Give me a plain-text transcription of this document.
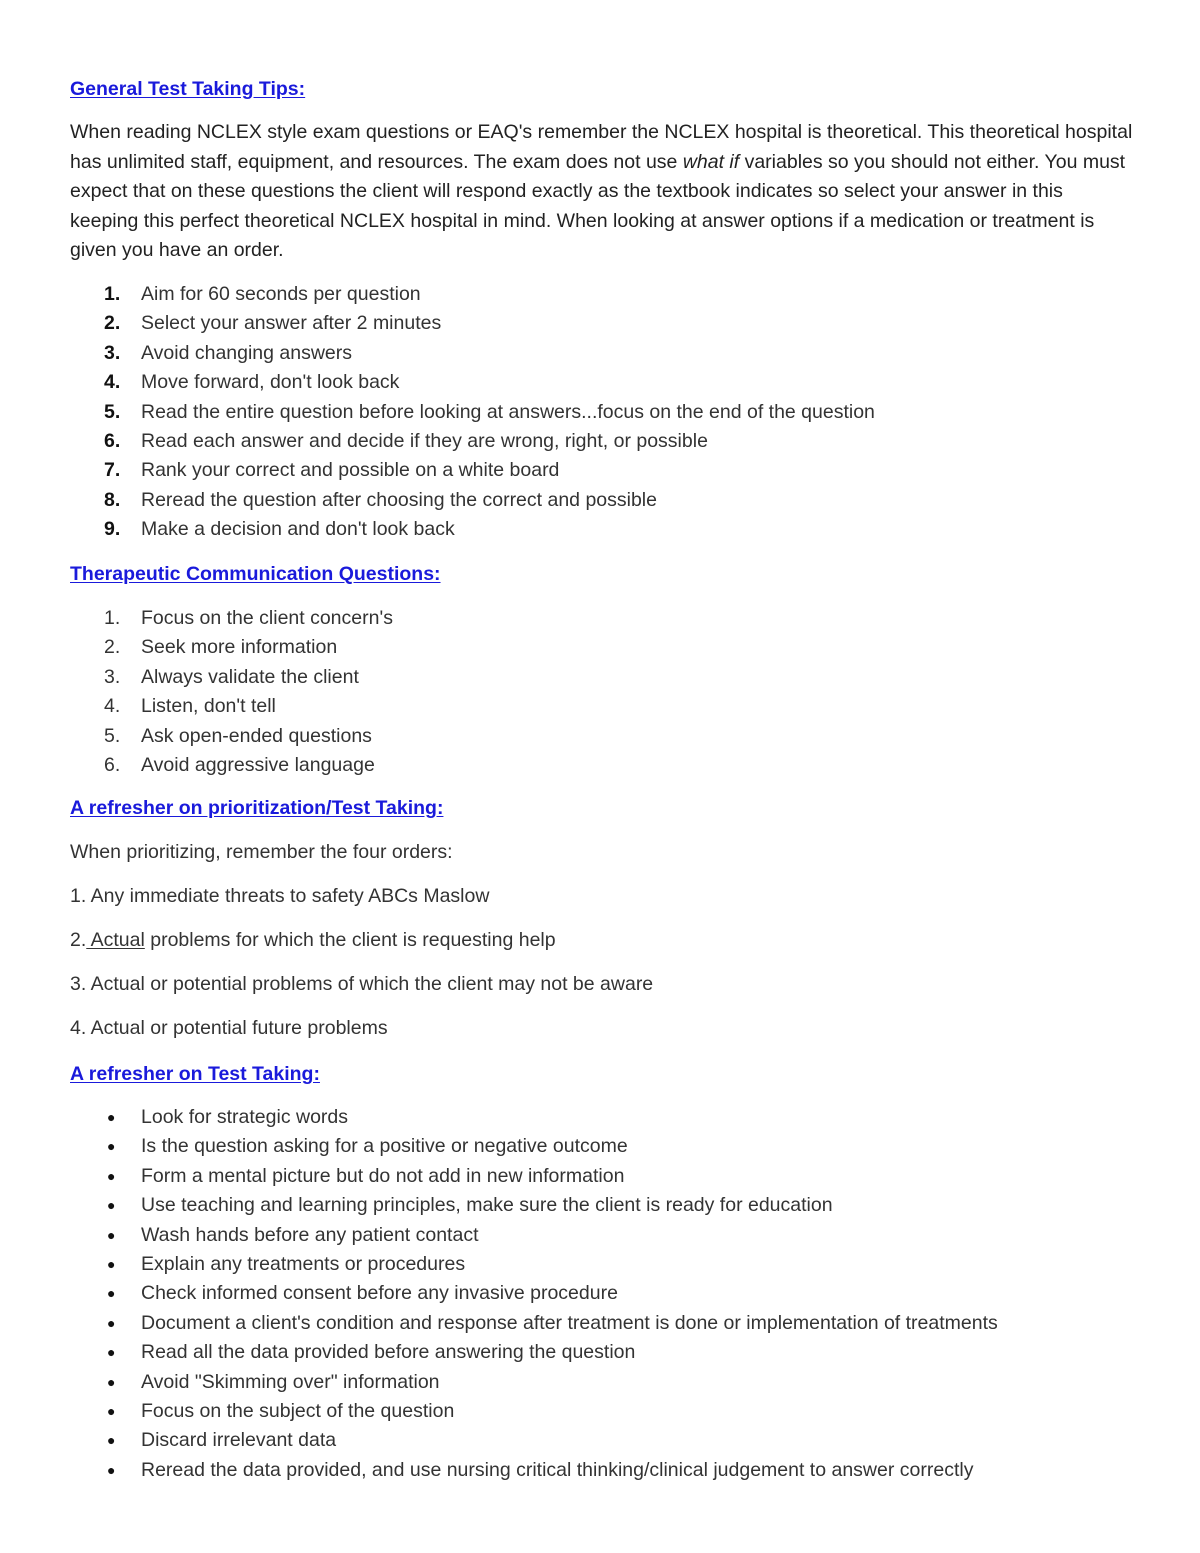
General Test Taking Tips:
When reading NCLEX style exam questions or EAQ's remember the NCLEX hospital is theoretical. This theoretical hospital has unlimited staff, equipment, and resources. The exam does not use what if variables so you should not either. You must expect that on these questions the client will respond exactly as the textbook indicates so select your answer in this keeping this perfect theoretical NCLEX hospital in mind. When looking at answer options if a medication or treatment is given you have an order.
1. Aim for 60 seconds per question
2. Select your answer after 2 minutes
3. Avoid changing answers
4. Move forward, don't look back
5. Read the entire question before looking at answers...focus on the end of the question
6. Read each answer and decide if they are wrong, right, or possible
7. Rank your correct and possible on a white board
8. Reread the question after choosing the correct and possible
9. Make a decision and don't look back
Therapeutic Communication Questions:
1. Focus on the client concern's
2. Seek more information
3. Always validate the client
4. Listen, don't tell
5. Ask open-ended questions
6. Avoid aggressive language
A refresher on prioritization/Test Taking:
When prioritizing, remember the four orders:
1. Any immediate threats to safety ABCs Maslow
2. Actual problems for which the client is requesting help
3. Actual or potential problems of which the client may not be aware
4. Actual or potential future problems
A refresher on Test Taking:
● Look for strategic words
● Is the question asking for a positive or negative outcome
● Form a mental picture but do not add in new information
● Use teaching and learning principles, make sure the client is ready for education
● Wash hands before any patient contact
● Explain any treatments or procedures
● Check informed consent before any invasive procedure
● Document a client's condition and response after treatment is done or implementation of treatments
● Read all the data provided before answering the question
● Avoid "Skimming over" information
● Focus on the subject of the question
● Discard irrelevant data
● Reread the data provided, and use nursing critical thinking/clinical judgement to answer correctly
